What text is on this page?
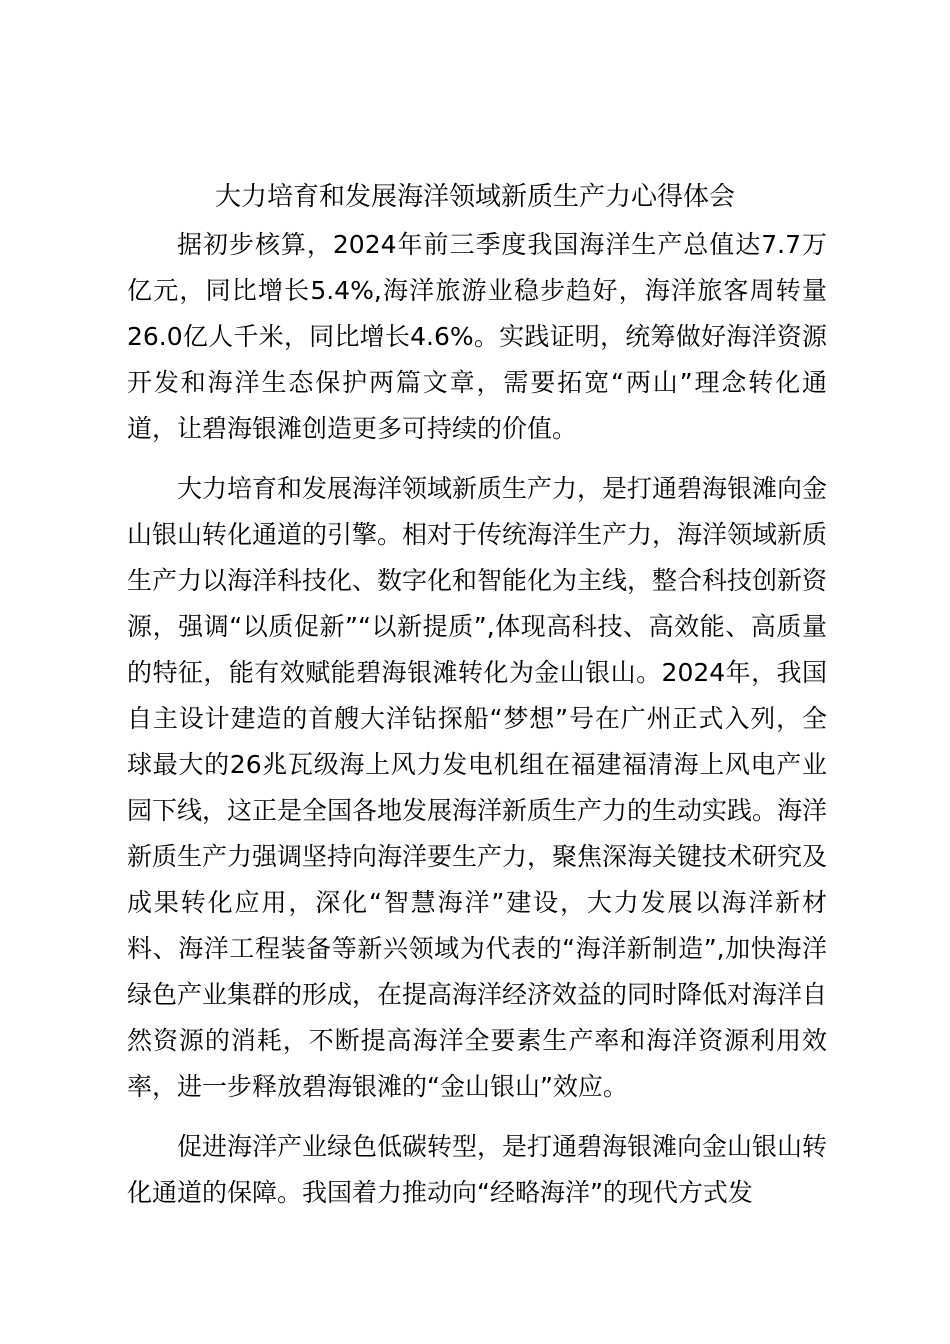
大力培育和发展海洋领域新质生产力心得体会

据初步核算，2024年前三季度我国海洋生产总值达7.7万亿元，同比增长5.4%,海洋旅游业稳步趋好，海洋旅客周转量26.0亿人千米，同比增长4.6%。实践证明，统筹做好海洋资源开发和海洋生态保护两篇文章，需要拓宽“两山”理念转化通道，让碧海银滩创造更多可持续的价值。

大力培育和发展海洋领域新质生产力，是打通碧海银滩向金山银山转化通道的引擎。相对于传统海洋生产力，海洋领域新质生产力以海洋科技化、数字化和智能化为主线，整合科技创新资源，强调“以质促新”“以新提质”,体现高科技、高效能、高质量的特征，能有效赋能碧海银滩转化为金山银山。2024年，我国自主设计建造的首艘大洋钻探船“梦想”号在广州正式入列，全球最大的26兆瓦级海上风力发电机组在福建福清海上风电产业园下线，这正是全国各地发展海洋新质生产力的生动实践。海洋新质生产力强调坚持向海洋要生产力，聚焦深海关键技术研究及成果转化应用，深化“智慧海洋”建设，大力发展以海洋新材料、海洋工程装备等新兴领域为代表的“海洋新制造”,加快海洋绿色产业集群的形成，在提高海洋经济效益的同时降低对海洋自然资源的消耗，不断提高海洋全要素生产率和海洋资源利用效率，进一步释放碧海银滩的“金山银山”效应。

促进海洋产业绿色低碳转型，是打通碧海银滩向金山银山转化通道的保障。我国着力推动向“经略海洋”的现代方式发
